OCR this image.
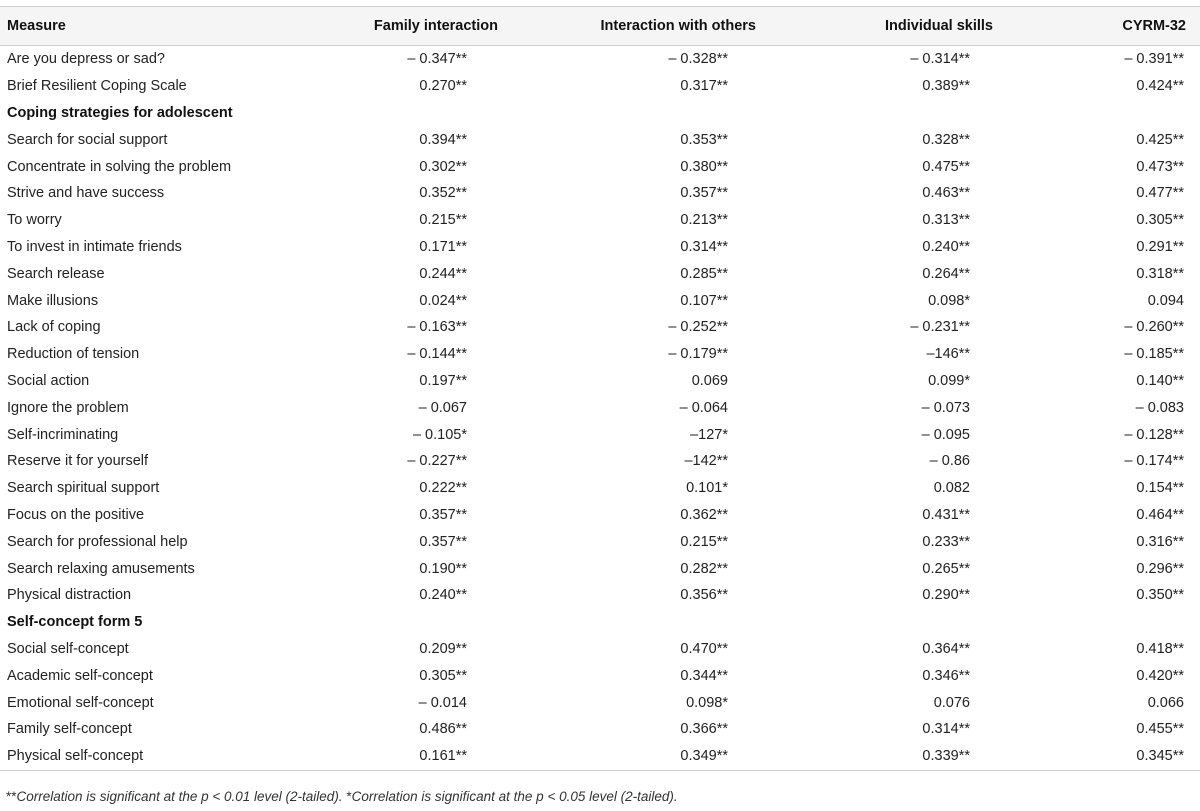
Measure	Family interaction	Interaction with others	Individual skills	CYRM-32
Are you depress or sad?	– 0.347**	– 0.328**	– 0.314**	– 0.391**
Brief Resilient Coping Scale	0.270**	0.317**	0.389**	0.424**
Coping strategies for adolescent				
Search for social support	0.394**	0.353**	0.328**	0.425**
Concentrate in solving the problem	0.302**	0.380**	0.475**	0.473**
Strive and have success	0.352**	0.357**	0.463**	0.477**
To worry	0.215**	0.213**	0.313**	0.305**
To invest in intimate friends	0.171**	0.314**	0.240**	0.291**
Search release	0.244**	0.285**	0.264**	0.318**
Make illusions	0.024**	0.107**	0.098*	0.094
Lack of coping	– 0.163**	– 0.252**	– 0.231**	– 0.260**
Reduction of tension	– 0.144**	– 0.179**	–146**	– 0.185**
Social action	0.197**	0.069	0.099*	0.140**
Ignore the problem	– 0.067	– 0.064	– 0.073	– 0.083
Self-incriminating	– 0.105*	–127*	– 0.095	– 0.128**
Reserve it for yourself	– 0.227**	–142**	– 0.86	– 0.174**
Search spiritual support	0.222**	0.101*	0.082	0.154**
Focus on the positive	0.357**	0.362**	0.431**	0.464**
Search for professional help	0.357**	0.215**	0.233**	0.316**
Search relaxing amusements	0.190**	0.282**	0.265**	0.296**
Physical distraction	0.240**	0.356**	0.290**	0.350**
Self-concept form 5				
Social self-concept	0.209**	0.470**	0.364**	0.418**
Academic self-concept	0.305**	0.344**	0.346**	0.420**
Emotional self-concept	– 0.014	0.098*	0.076	0.066
Family self-concept	0.486**	0.366**	0.314**	0.455**
Physical self-concept	0.161**	0.349**	0.339**	0.345**
**Correlation is significant at the p < 0.01 level (2-tailed). *Correlation is significant at the p < 0.05 level (2-tailed).
